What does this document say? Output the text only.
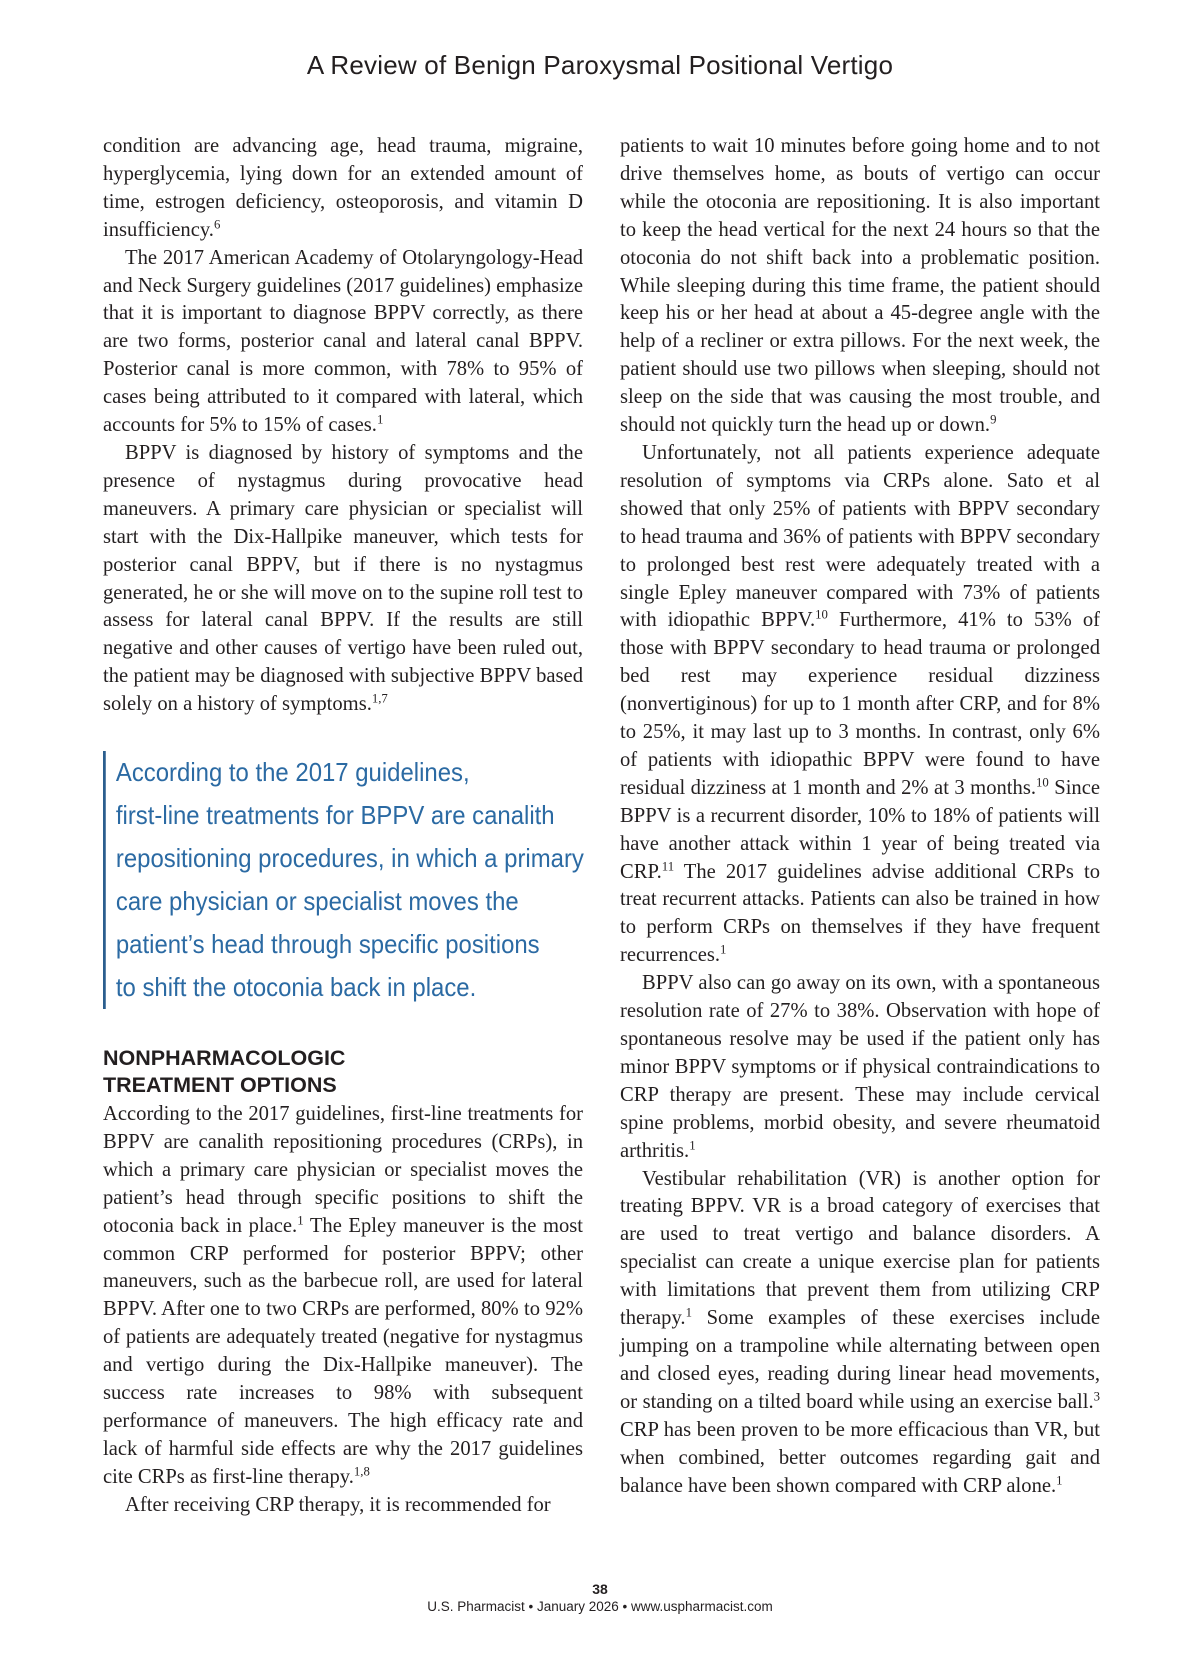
A Review of Benign Paroxysmal Positional Vertigo

condition are advancing age, head trauma, migraine, hyperglycemia, lying down for an extended amount of time, estrogen deficiency, osteoporosis, and vitamin D insufficiency.$^6$

The 2017 American Academy of Otolaryngology-Head and Neck Surgery guidelines (2017 guidelines) emphasize that it is important to diagnose BPPV correctly, as there are two forms, posterior canal and lateral canal BPPV. Posterior canal is more common, with 78% to 95% of cases being attributed to it compared with lateral, which accounts for 5% to 15% of cases.$^1$

BPPV is diagnosed by history of symptoms and the presence of nystagmus during provocative head maneuvers. A primary care physician or specialist will start with the Dix-Hallpike maneuver, which tests for posterior canal BPPV, but if there is no nystagmus generated, he or she will move on to the supine roll test to assess for lateral canal BPPV. If the results are still negative and other causes of vertigo have been ruled out, the patient may be diagnosed with subjective BPPV based solely on a history of symptoms.$^{1,7}$

According to the 2017 guidelines,
first-line treatments for BPPV are canalith
repositioning procedures, in which a primary
care physician or specialist moves the
patient’s head through specific positions
to shift the otoconia back in place.
NONPHARMACOLOGIC
TREATMENT OPTIONS

According to the 2017 guidelines, first-line treatments for BPPV are canalith repositioning procedures (CRPs), in which a primary care physician or specialist moves the patient’s head through specific positions to shift the otoconia back in place.$^1$ The Epley maneuver is the most common CRP performed for posterior BPPV; other maneuvers, such as the barbecue roll, are used for lateral BPPV. After one to two CRPs are performed, 80% to 92% of patients are adequately treated (negative for nystagmus and vertigo during the Dix-Hallpike maneuver). The success rate increases to 98% with subsequent performance of maneuvers. The high efficacy rate and lack of harmful side effects are why the 2017 guidelines cite CRPs as first-line therapy.$^{1,8}$

After receiving CRP therapy, it is recommended for

patients to wait 10 minutes before going home and to not drive themselves home, as bouts of vertigo can occur while the otoconia are repositioning. It is also important to keep the head vertical for the next 24 hours so that the otoconia do not shift back into a problematic position. While sleeping during this time frame, the patient should keep his or her head at about a 45-degree angle with the help of a recliner or extra pillows. For the next week, the patient should use two pillows when sleeping, should not sleep on the side that was causing the most trouble, and should not quickly turn the head up or down.$^9$

Unfortunately, not all patients experience adequate resolution of symptoms via CRPs alone. Sato et al showed that only 25% of patients with BPPV secondary to head trauma and 36% of patients with BPPV secondary to prolonged best rest were adequately treated with a single Epley maneuver compared with 73% of patients with idiopathic BPPV.$^{10}$ Furthermore, 41% to 53% of those with BPPV secondary to head trauma or prolonged bed rest may experience residual dizziness (nonvertiginous) for up to 1 month after CRP, and for 8% to 25%, it may last up to 3 months. In contrast, only 6% of patients with idiopathic BPPV were found to have residual dizziness at 1 month and 2% at 3 months.$^{10}$ Since BPPV is a recurrent disorder, 10% to 18% of patients will have another attack within 1 year of being treated via CRP.$^{11}$ The 2017 guidelines advise additional CRPs to treat recurrent attacks. Patients can also be trained in how to perform CRPs on themselves if they have frequent recurrences.$^1$

BPPV also can go away on its own, with a spontaneous resolution rate of 27% to 38%. Observation with hope of spontaneous resolve may be used if the patient only has minor BPPV symptoms or if physical contraindications to CRP therapy are present. These may include cervical spine problems, morbid obesity, and severe rheumatoid arthritis.$^1$

Vestibular rehabilitation (VR) is another option for treating BPPV. VR is a broad category of exercises that are used to treat vertigo and balance disorders. A specialist can create a unique exercise plan for patients with limitations that prevent them from utilizing CRP therapy.$^1$ Some examples of these exercises include jumping on a trampoline while alternating between open and closed eyes, reading during linear head movements, or standing on a tilted board while using an exercise ball.$^3$ CRP has been proven to be more efficacious than VR, but when combined, better outcomes regarding gait and balance have been shown compared with CRP alone.$^1$

38
U.S. Pharmacist • January 2026 • www.uspharmacist.com
